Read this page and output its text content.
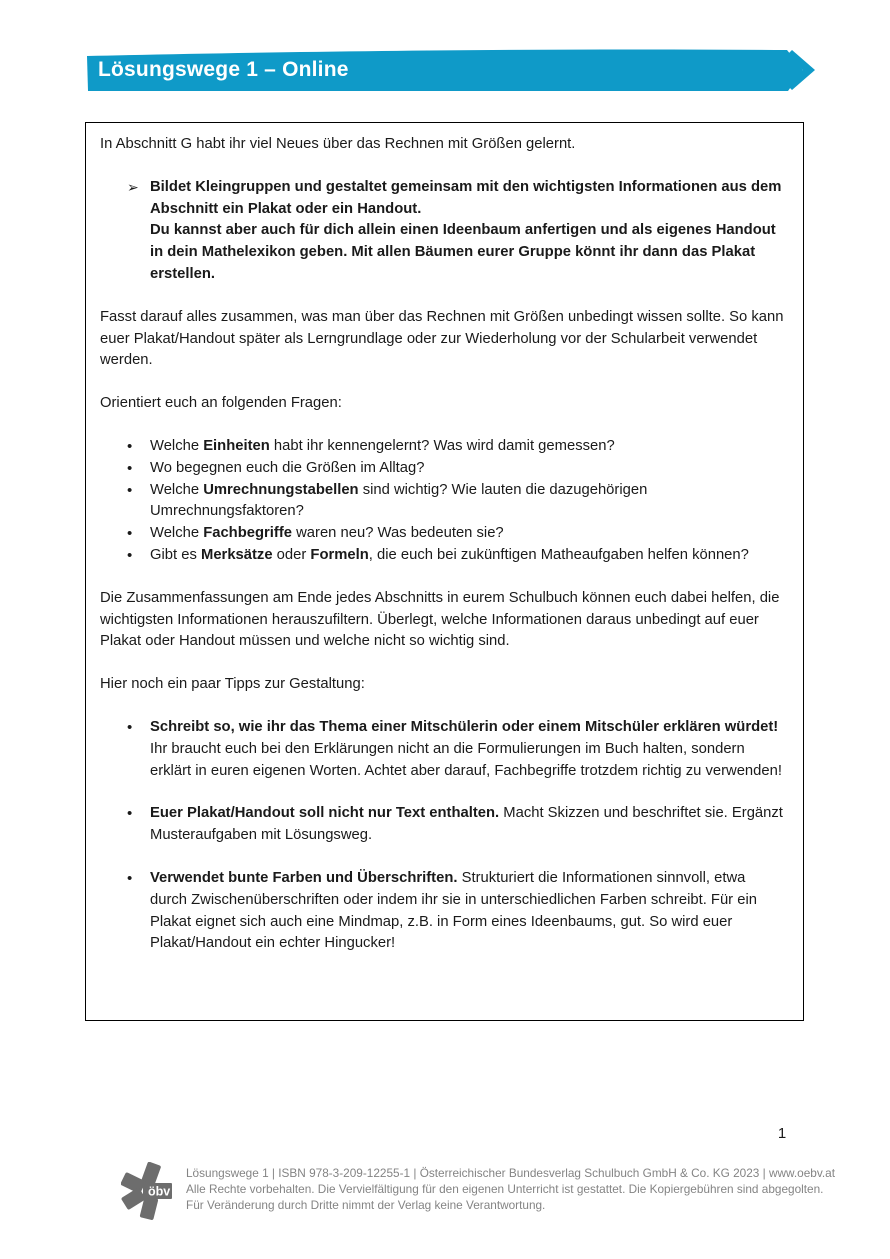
Lösungswege 1 – Online

In Abschnitt G habt ihr viel Neues über das Rechnen mit Größen gelernt.

➢ Bildet Kleingruppen und gestaltet gemeinsam mit den wichtigsten Informationen aus dem Abschnitt ein Plakat oder ein Handout.
Du kannst aber auch für dich allein einen Ideenbaum anfertigen und als eigenes Handout in dein Mathelexikon geben. Mit allen Bäumen eurer Gruppe könnt ihr dann das Plakat erstellen.

Fasst darauf alles zusammen, was man über das Rechnen mit Größen unbedingt wissen sollte. So kann euer Plakat/Handout später als Lerngrundlage oder zur Wiederholung vor der Schularbeit verwendet werden.

Orientiert euch an folgenden Fragen:

•	Welche Einheiten habt ihr kennengelernt? Was wird damit gemessen?
•	Wo begegnen euch die Größen im Alltag?
•	Welche Umrechnungstabellen sind wichtig? Wie lauten die dazugehörigen Umrechnungsfaktoren?
•	Welche Fachbegriffe waren neu? Was bedeuten sie?
•	Gibt es Merksätze oder Formeln, die euch bei zukünftigen Matheaufgaben helfen können?

Die Zusammenfassungen am Ende jedes Abschnitts in eurem Schulbuch können euch dabei helfen, die wichtigsten Informationen herauszufiltern. Überlegt, welche Informationen daraus unbedingt auf euer Plakat oder Handout müssen und welche nicht so wichtig sind.

Hier noch ein paar Tipps zur Gestaltung:

•	Schreibt so, wie ihr das Thema einer Mitschülerin oder einem Mitschüler erklären würdet! Ihr braucht euch bei den Erklärungen nicht an die Formulierungen im Buch halten, sondern erklärt in euren eigenen Worten. Achtet aber darauf, Fachbegriffe trotzdem richtig zu verwenden!
•	Euer Plakat/Handout soll nicht nur Text enthalten. Macht Skizzen und beschriftet sie. Ergänzt Musteraufgaben mit Lösungsweg.
•	Verwendet bunte Farben und Überschriften. Strukturiert die Informationen sinnvoll, etwa durch Zwischenüberschriften oder indem ihr sie in unterschiedlichen Farben schreibt. Für ein Plakat eignet sich auch eine Mindmap, z.B. in Form eines Ideenbaums, gut. So wird euer Plakat/Handout ein echter Hingucker!
1
öbv
Lösungswege 1 | ISBN 978-3-209-12255-1 | Österreichischer Bundesverlag Schulbuch GmbH & Co. KG 2023 | www.oebv.at
Alle Rechte vorbehalten. Die Vervielfältigung für den eigenen Unterricht ist gestattet. Die Kopiergebühren sind abgegolten.
Für Veränderung durch Dritte nimmt der Verlag keine Verantwortung.
